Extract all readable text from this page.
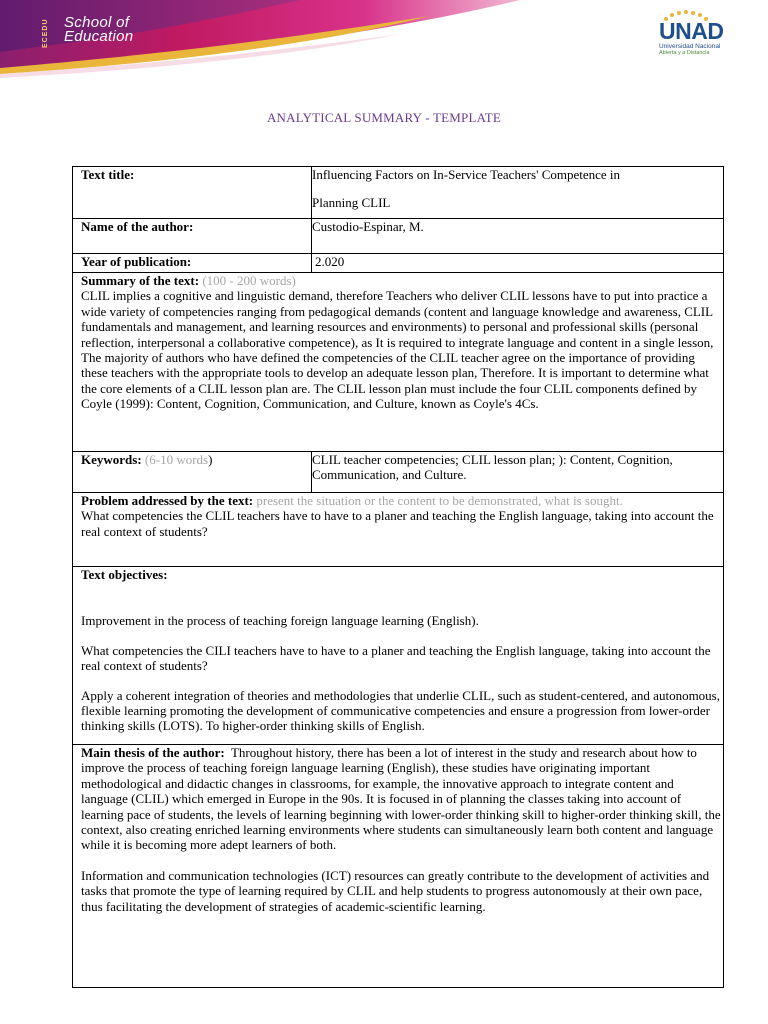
ECEDU School of
Education	UNAD
Universidad Nacional
Abierta y a Distancia
ANALYTICAL SUMMARY - TEMPLATE
Text title:	Influencing Factors on In-Service Teachers' Competence in
Planning CLIL

Name of the author:	Custodio-Espinar, M.
Year of publication:	2.020

Summary of the text: (100 - 200 words)

CLIL implies a cognitive and linguistic demand, therefore Teachers who deliver CLIL lessons have to put into practice a wide variety of competencies ranging from pedagogical demands (content and language knowledge and awareness, CLIL fundamentals and management, and learning resources and environments) to personal and professional skills (personal reflection, interpersonal a collaborative competence), as It is required to integrate language and content in a single lesson, The majority of authors who have defined the competencies of the CLIL teacher agree on the importance of providing these teachers with the appropriate tools to develop an adequate lesson plan, Therefore. It is important to determine what the core elements of a CLIL lesson plan are. The CLIL lesson plan must include the four CLIL components defined by Coyle (1999): Content, Cognition, Communication, and Culture, known as Coyle's 4Cs.	

Keywords: (6-10 words)	CLIL teacher competencies; CLIL lesson plan; ): Content, Cognition, Communication, and Culture.

Problem addressed by the text: present the situation or the content to be demonstrated, what is sought.

What competencies the CLIL teachers have to have to a planer and teaching the English language, taking into account the real context of students?	

Text objectives:

Improvement in the process of teaching foreign language learning (English).

What competencies the CILI teachers have to have to a planer and teaching the English language, taking into account the real context of students?

Apply a coherent integration of theories and methodologies that underlie CLIL, such as student-centered, and autonomous, flexible learning promoting the development of communicative competencies and ensure a progression from lower-order thinking skills (LOTS). To higher-order thinking skills of English.	

Main thesis of the author: Throughout history, there has been a lot of interest in the study and research about how to improve the process of teaching foreign language learning (English), these studies have originating important methodological and didactic changes in classrooms, for example, the innovative approach to integrate content and language (CLIL) which emerged in Europe in the 90s. It is focused in of planning the classes taking into account of learning pace of students, the levels of learning beginning with lower-order thinking skill to higher-order thinking skill, the context, also creating enriched learning environments where students can simultaneously learn both content and language while it is becoming more adept learners of both.

Information and communication technologies (ICT) resources can greatly contribute to the development of activities and tasks that promote the type of learning required by CLIL and help students to progress autonomously at their own pace, thus facilitating the development of strategies of academic-scientific learning.	
